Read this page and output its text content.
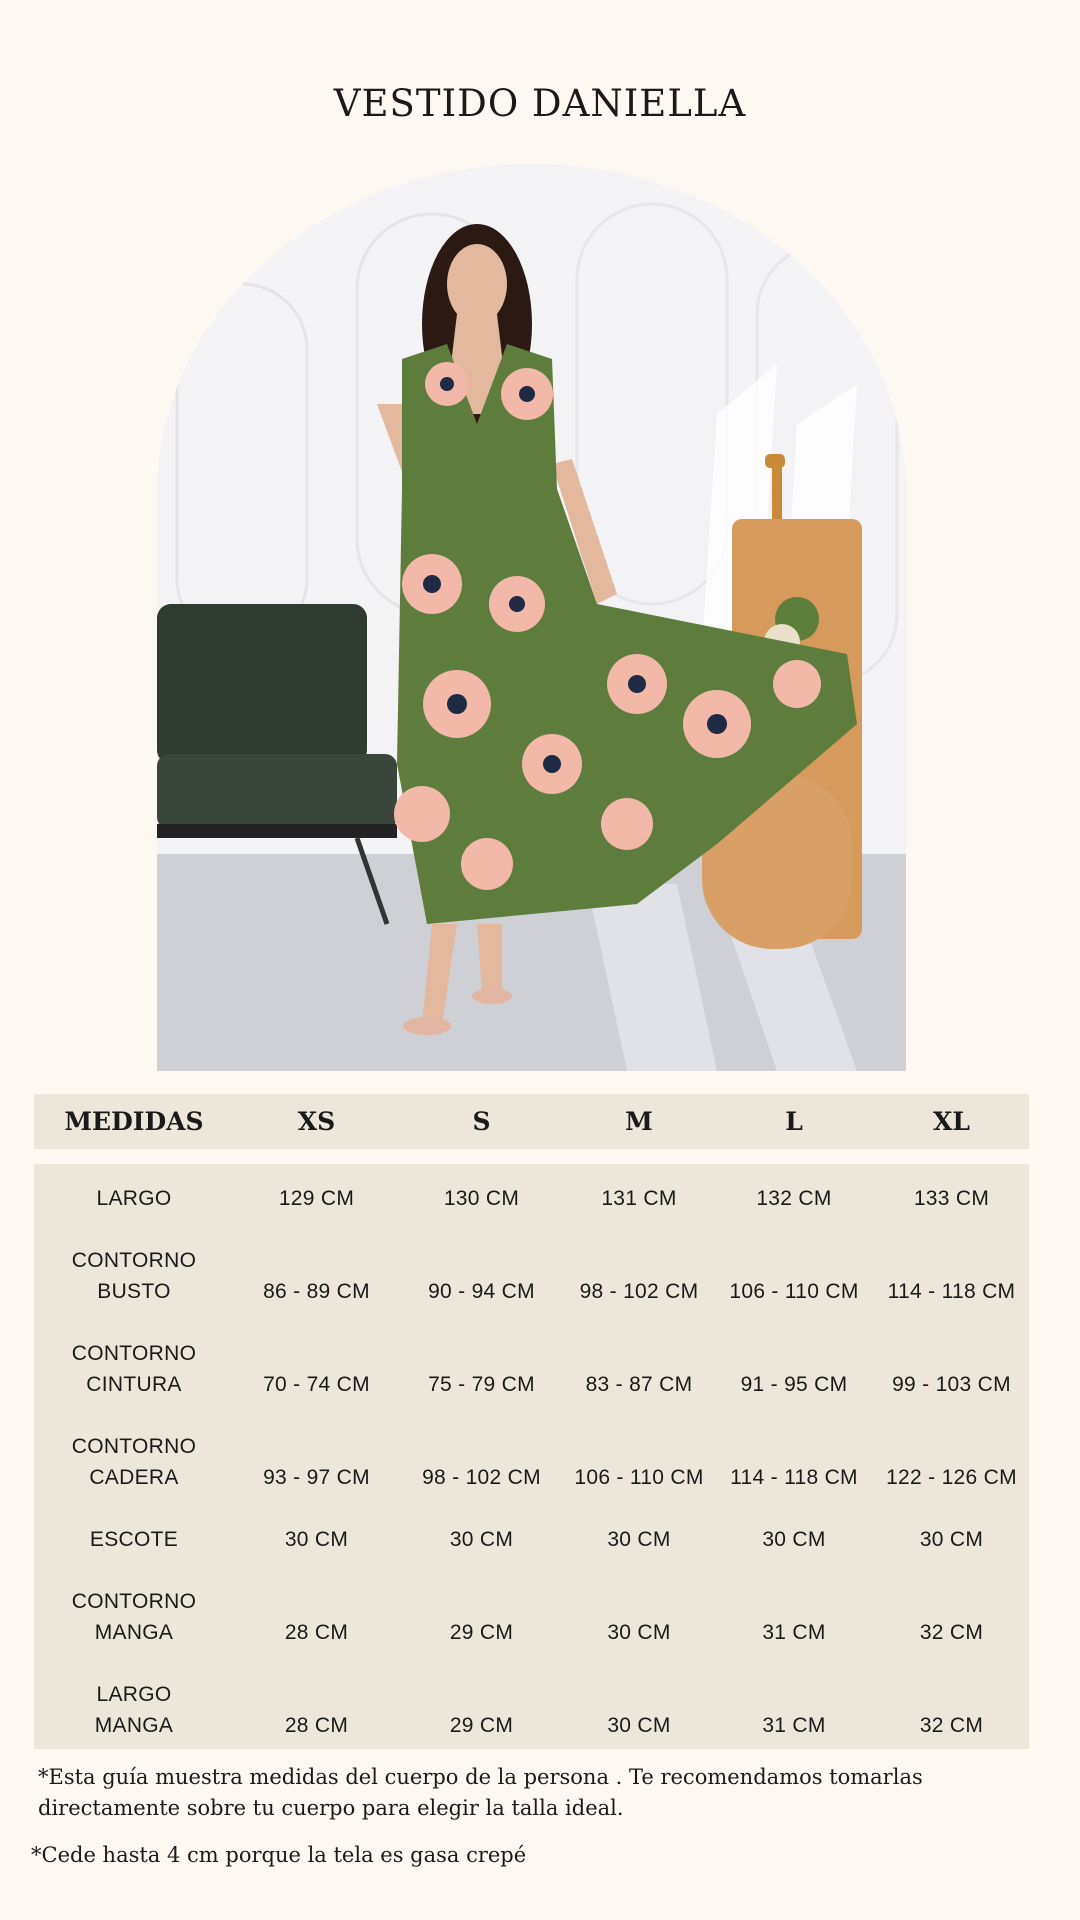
VESTIDO DANIELLA
MEDIDAS	XS	S	M	L	XL
LARGO	129 CM	130 CM	131 CM	132 CM	133 CM
CONTORNO
BUSTO	86 - 89 CM	90 - 94 CM	98 - 102 CM	106 - 110 CM	114 - 118 CM
CONTORNO
CINTURA	70 - 74 CM	75 - 79 CM	83 - 87 CM	91 - 95 CM	99 - 103 CM
CONTORNO
CADERA	93 - 97 CM	98 - 102 CM	106 - 110 CM	114 - 118 CM	122 - 126 CM
ESCOTE	30 CM	30 CM	30 CM	30 CM	30 CM
CONTORNO
MANGA	28 CM	29 CM	30 CM	31 CM	32 CM
LARGO
MANGA	28 CM	29 CM	30 CM	31 CM	32 CM

*Esta guía muestra medidas del cuerpo de la persona . Te recomendamos tomarlas directamente sobre tu cuerpo para elegir la talla ideal.

*Cede hasta 4 cm porque la tela es gasa crepé
